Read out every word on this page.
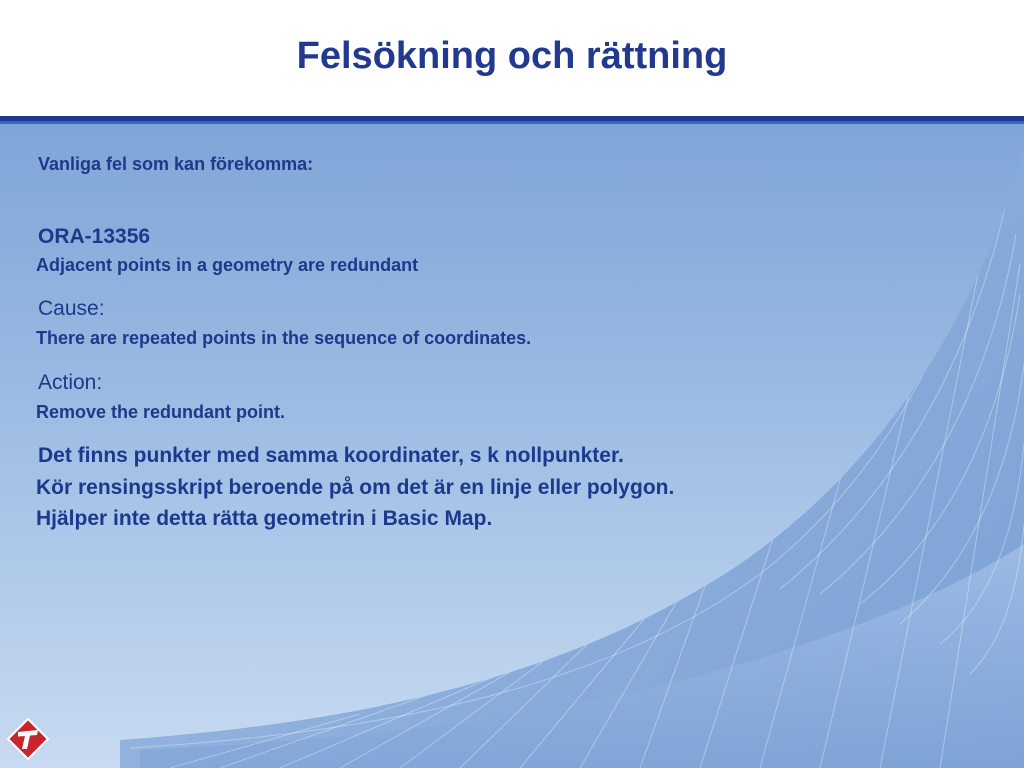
Felsökning och rättning

Vanliga fel som kan förekomma:

ORA-13356

Adjacent points in a geometry are redundant

Cause:

There are repeated points in the sequence of coordinates.

Action:

Remove the redundant point.

Det finns punkter med samma koordinater, s k nollpunkter.

Kör rensingsskript beroende på om det är en linje eller polygon.

Hjälper inte detta rätta geometrin i Basic Map.
